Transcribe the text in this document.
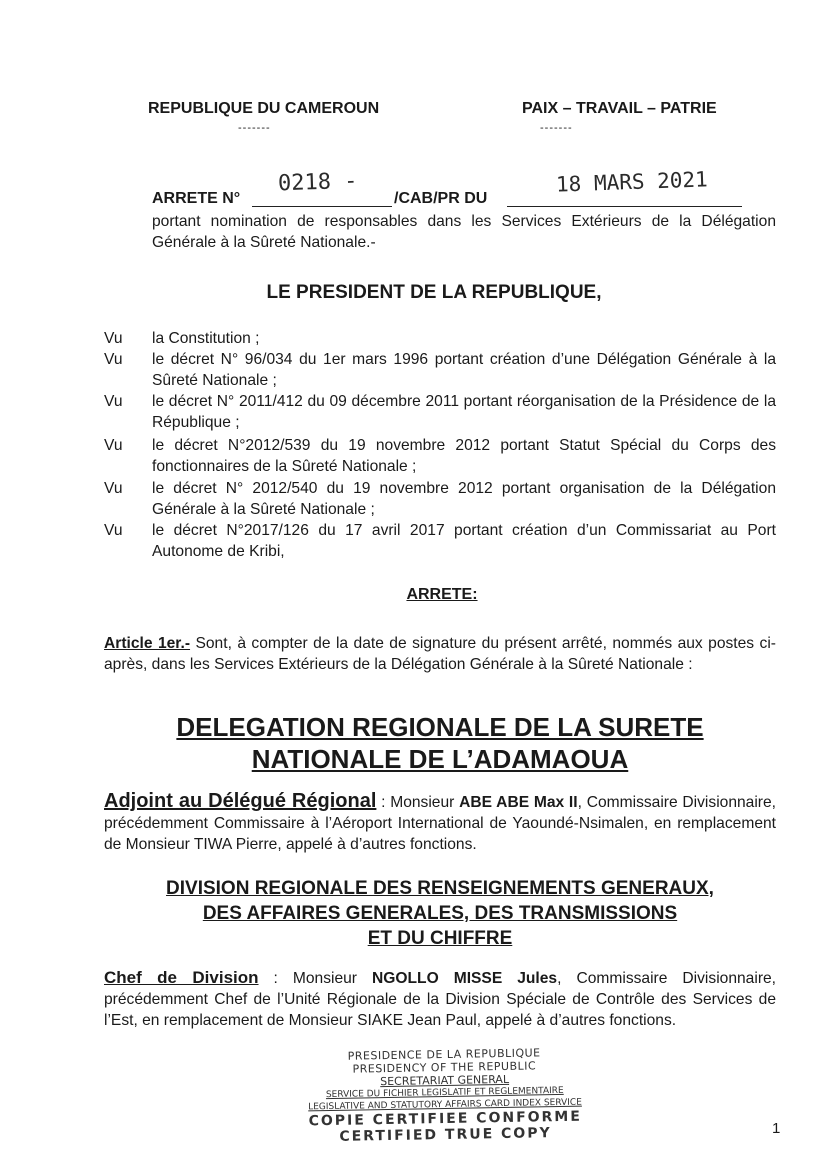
REPUBLIQUE DU CAMEROUN
-------
PAIX – TRAVAIL – PATRIE
-------
ARRETE N°	/CAB/PR DU
0218 -	18 MARS 2021
portant nomination de responsables dans les Services Extérieurs de la Délégation Générale à la Sûreté Nationale.-
LE PRESIDENT DE LA REPUBLIQUE,
Vu la Constitution ;
Vu le décret N° 96/034 du 1er mars 1996 portant création d’une Délégation Générale à la Sûreté Nationale ;
Vu le décret N° 2011/412 du 09 décembre 2011 portant réorganisation de la Présidence de la République ;
Vu le décret N°2012/539 du 19 novembre 2012 portant Statut Spécial du Corps des fonctionnaires de la Sûreté Nationale ;
Vu le décret N° 2012/540 du 19 novembre 2012 portant organisation de la Délégation Générale à la Sûreté Nationale ;
Vu le décret N°2017/126 du 17 avril 2017 portant création d’un Commissariat au Port Autonome de Kribi,
ARRETE:
Article 1er.- Sont, à compter de la date de signature du présent arrêté, nommés aux postes ci-après, dans les Services Extérieurs de la Délégation Générale à la Sûreté Nationale :
DELEGATION REGIONALE DE LA SURETE
NATIONALE DE L’ADAMAOUA
Adjoint au Délégué Régional : Monsieur ABE ABE Max II, Commissaire Divisionnaire, précédemment Commissaire à l’Aéroport International de Yaoundé-Nsimalen, en remplacement de Monsieur TIWA Pierre, appelé à d’autres fonctions.
DIVISION REGIONALE DES RENSEIGNEMENTS GENERAUX,
DES AFFAIRES GENERALES, DES TRANSMISSIONS
ET DU CHIFFRE
Chef de Division : Monsieur NGOLLO MISSE Jules, Commissaire Divisionnaire, précédemment Chef de l’Unité Régionale de la Division Spéciale de Contrôle des Services de l’Est, en remplacement de Monsieur SIAKE Jean Paul, appelé à d’autres fonctions.
PRESIDENCE DE LA REPUBLIQUE
PRESIDENCY OF THE REPUBLIC
SECRETARIAT GENERAL
SERVICE DU FICHIER LEGISLATIF ET REGLEMENTAIRE
LEGISLATIVE AND STATUTORY AFFAIRS CARD INDEX SERVICE
COPIE CERTIFIEE CONFORME
CERTIFIED TRUE COPY	1
